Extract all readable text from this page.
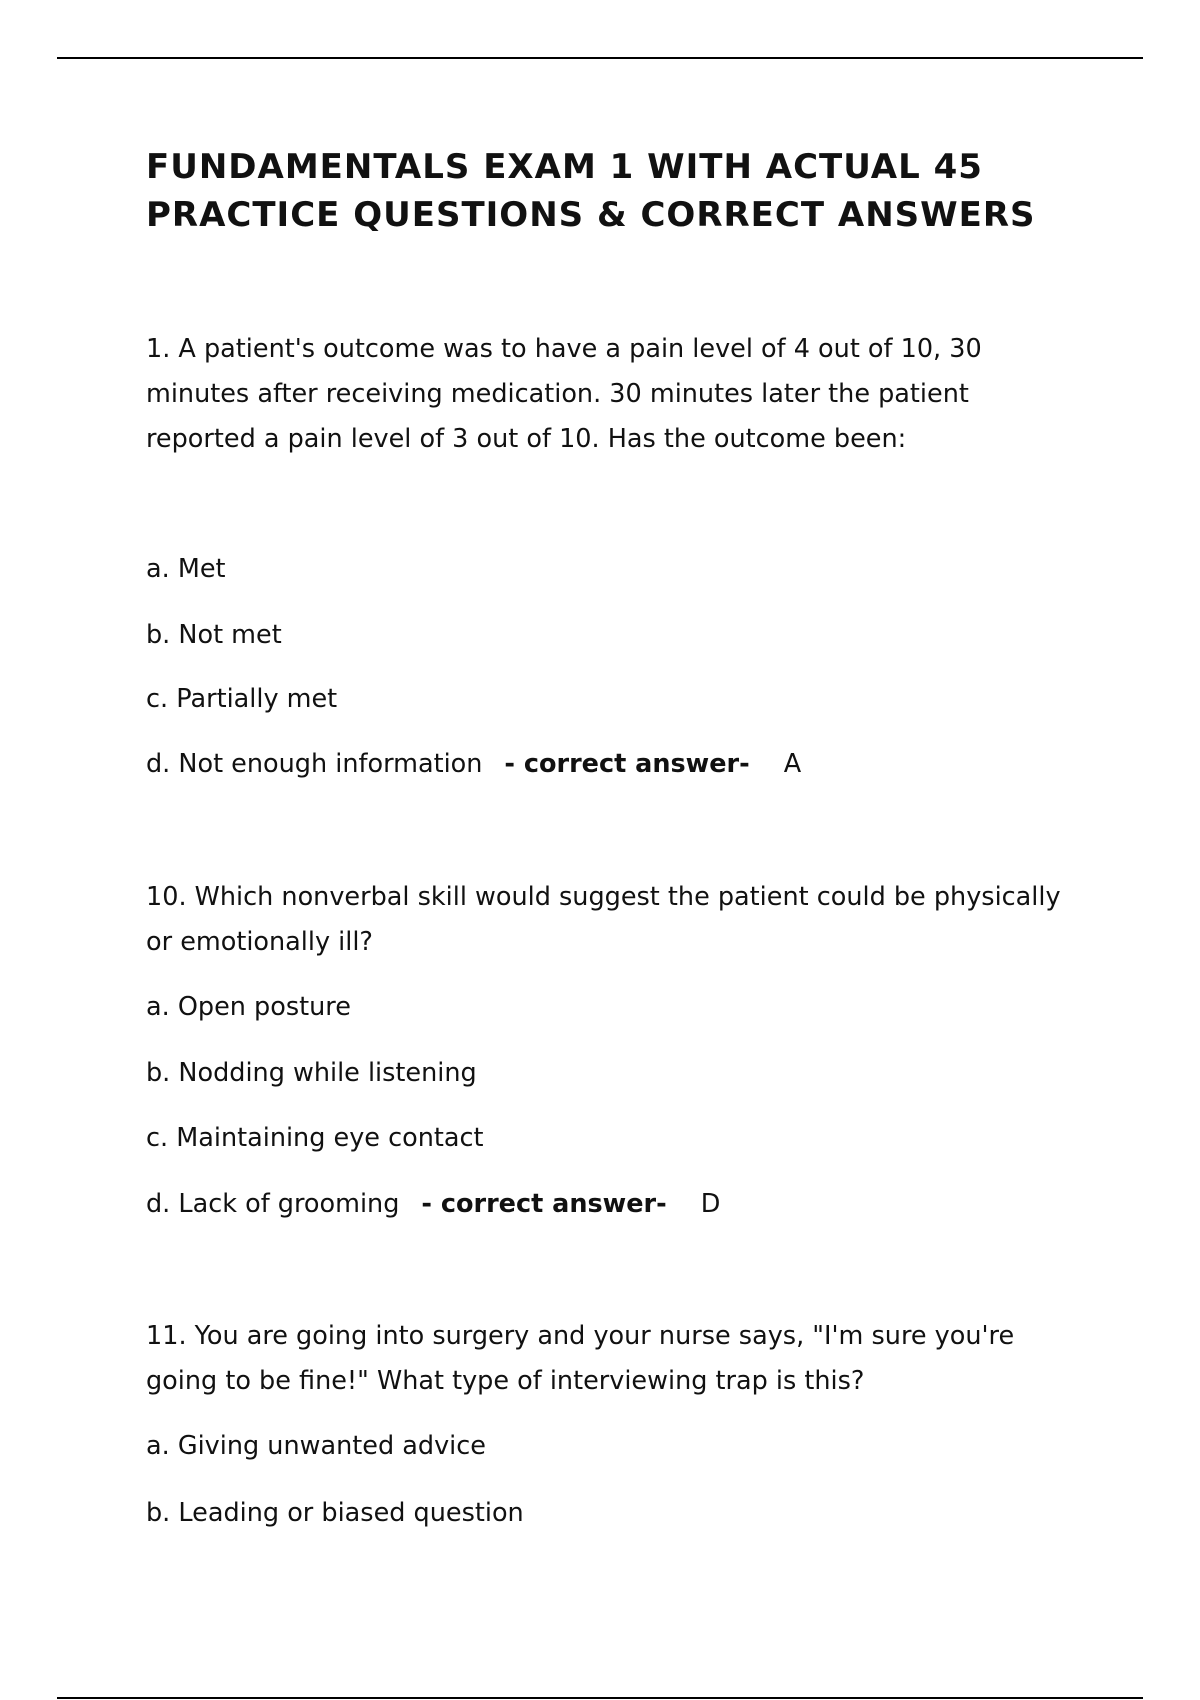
FUNDAMENTALS EXAM 1 WITH ACTUAL 45
PRACTICE QUESTIONS & CORRECT ANSWERS

1. A patient's outcome was to have a pain level of 4 out of 10, 30

minutes after receiving medication. 30 minutes later the patient

reported a pain level of 3 out of 10. Has the outcome been:

a. Met

b. Not met

c. Partially met

d. Not enough information - correct answer- A

10. Which nonverbal skill would suggest the patient could be physically

or emotionally ill?

a. Open posture

b. Nodding while listening

c. Maintaining eye contact

d. Lack of grooming - correct answer- D

11. You are going into surgery and your nurse says, "I'm sure you're

going to be fine!" What type of interviewing trap is this?

a. Giving unwanted advice

b. Leading or biased question
